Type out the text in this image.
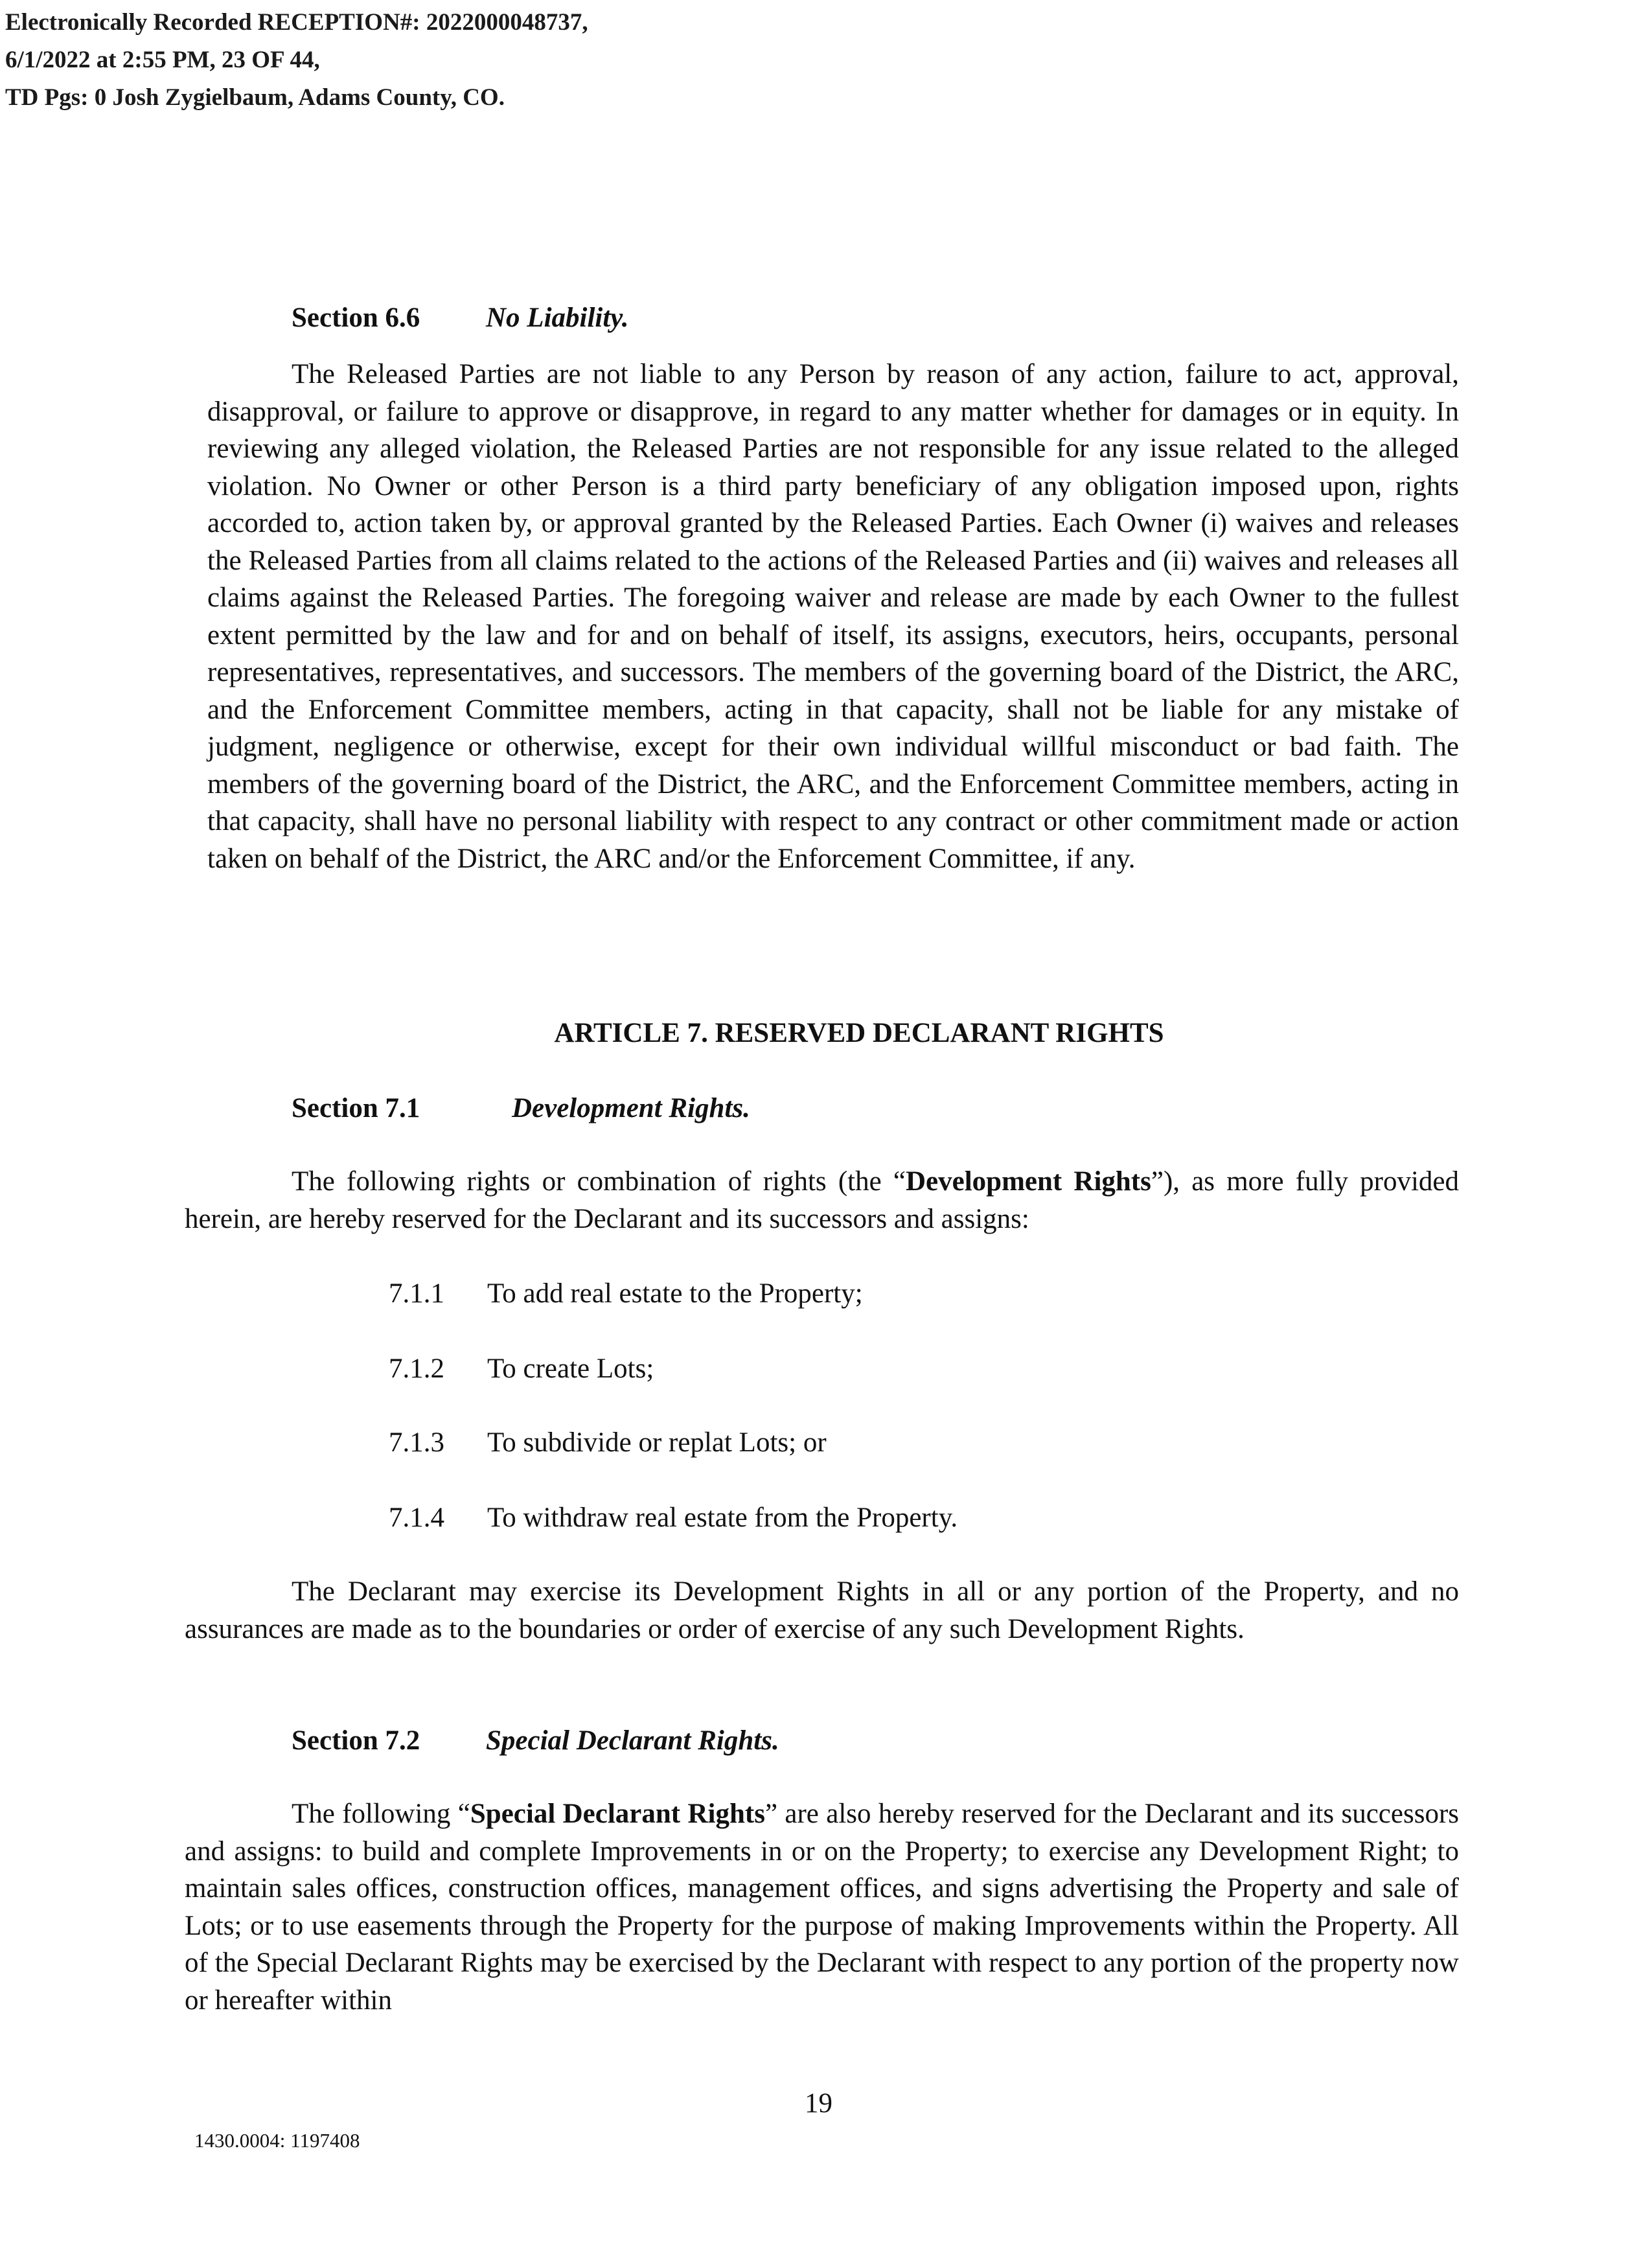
Electronically Recorded RECEPTION#: 2022000048737,
6/1/2022 at 2:55 PM, 23 OF 44,
TD Pgs: 0 Josh Zygielbaum, Adams County, CO.
Section 6.6 No Liability.

The Released Parties are not liable to any Person by reason of any action, failure to act, approval, disapproval, or failure to approve or disapprove, in regard to any matter whether for damages or in equity. In reviewing any alleged violation, the Released Parties are not responsible for any issue related to the alleged violation. No Owner or other Person is a third party beneficiary of any obligation imposed upon, rights accorded to, action taken by, or approval granted by the Released Parties. Each Owner (i) waives and releases the Released Parties from all claims related to the actions of the Released Parties and (ii) waives and releases all claims against the Released Parties. The foregoing waiver and release are made by each Owner to the fullest extent permitted by the law and for and on behalf of itself, its assigns, executors, heirs, occupants, personal representatives, representatives, and successors. The members of the governing board of the District, the ARC, and the Enforcement Committee members, acting in that capacity, shall not be liable for any mistake of judgment, negligence or otherwise, except for their own individual willful misconduct or bad faith. The members of the governing board of the District, the ARC, and the Enforcement Committee members, acting in that capacity, shall have no personal liability with respect to any contract or other commitment made or action taken on behalf of the District, the ARC and/or the Enforcement Committee, if any.

ARTICLE 7. RESERVED DECLARANT RIGHTS
Section 7.1	Development Rights.

The following rights or combination of rights (the “Development Rights”), as more fully provided herein, are hereby reserved for the Declarant and its successors and assigns:

7.1.1 To add real estate to the Property;
7.1.2 To create Lots;
7.1.3 To subdivide or replat Lots; or
7.1.4 To withdraw real estate from the Property.

The Declarant may exercise its Development Rights in all or any portion of the Property, and no assurances are made as to the boundaries or order of exercise of any such Development Rights.

Section 7.2 Special Declarant Rights.

The following “Special Declarant Rights” are also hereby reserved for the Declarant and its successors and assigns: to build and complete Improvements in or on the Property; to exercise any Development Right; to maintain sales offices, construction offices, management offices, and signs advertising the Property and sale of Lots; or to use easements through the Property for the purpose of making Improvements within the Property. All of the Special Declarant Rights may be exercised by the Declarant with respect to any portion of the property now or hereafter within

19
1430.0004: 1197408
